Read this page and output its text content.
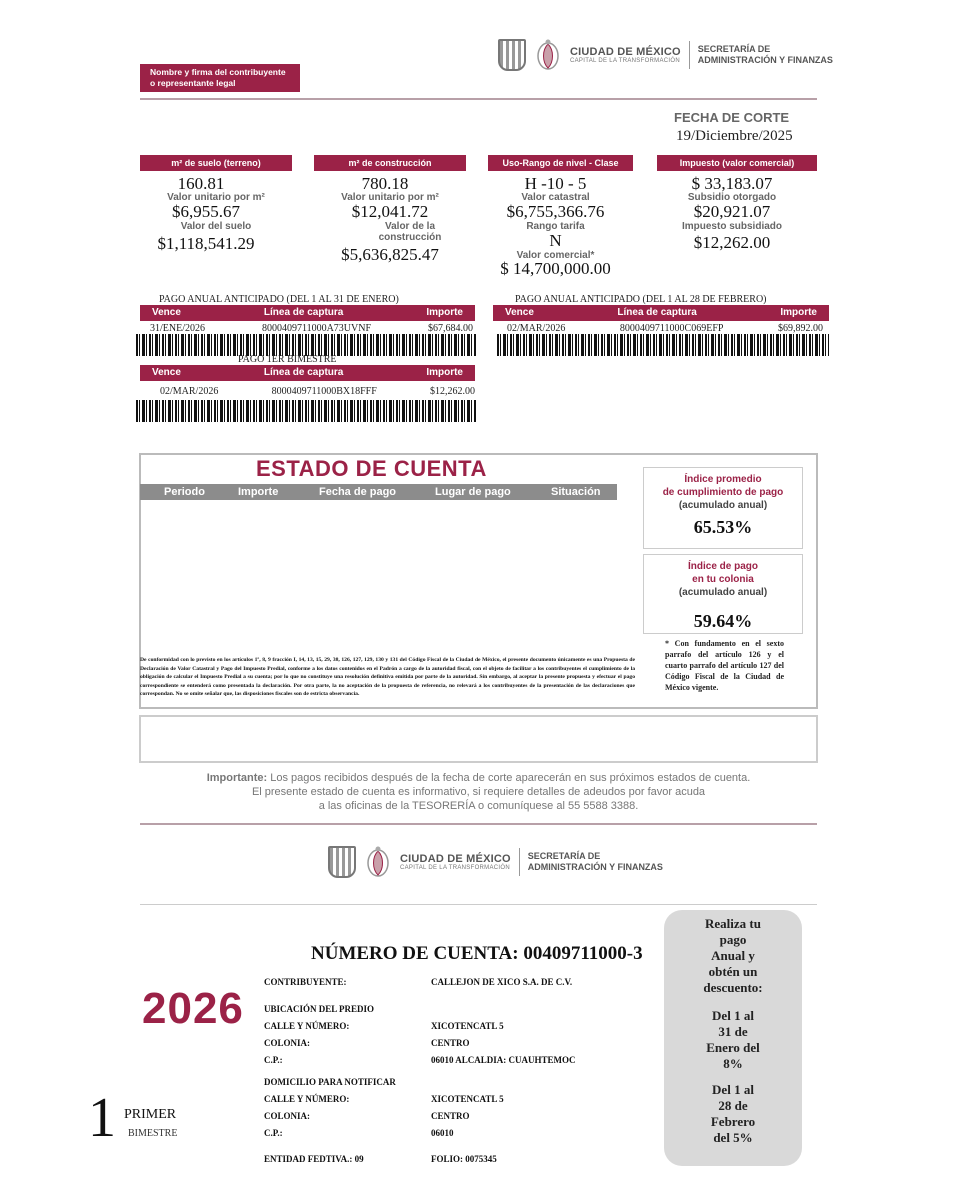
CIUDAD DE MÉXICO
CAPITAL DE LA TRANSFORMACIÓN
SECRETARÍA DE
ADMINISTRACIÓN Y FINANZAS
Nombre y firma del contribuyente o representante legal
FECHA DE CORTE
19/Diciembre/2025
m² de suelo (terreno)
160.81
Valor unitario por m²
$6,955.67
Valor del suelo
$1,118,541.29
m² de construcción
780.18
Valor unitario por m²
$12,041.72
Valor de la construcción
$5,636,825.47
Uso-Rango de nivel - Clase
H -10 - 5
Valor catastral
$6,755,366.76
Rango tarifa
N
Valor comercial*
$ 14,700,000.00
Impuesto (valor comercial)
$ 33,183.07
Subsidio otorgado
$20,921.07
Impuesto subsidiado
$12,262.00
PAGO ANUAL ANTICIPADO (DEL 1 AL 31 DE ENERO)
Vence	Línea de captura	Importe
31/ENE/2026	8000409711000A73UVNF	$67,684.00
PAGO ANUAL ANTICIPADO (DEL 1 AL 28 DE FEBRERO)
Vence	Línea de captura	Importe
02/MAR/2026	8000409711000C069EFP	$69,892.00
PAGO 1ER BIMESTRE
Vence	Línea de captura	Importe
02/MAR/2026	8000409711000BX18FFF	$12,262.00
ESTADO DE CUENTA
Periodo	Importe	Fecha de pago	Lugar de pago	Situación
Índice promedio
de cumplimiento de pago
(acumulado anual)
65.53%
Índice de pago
en tu colonia
(acumulado anual)
59.64%
* Con fundamento en el sexto parrafo del artículo 126 y el cuarto parrafo del artículo 127 del Código Fiscal de la Ciudad de México vigente.
De conformidad con lo previsto en los artículos 1º, 8, 9 fracción I, 14, 13, 15, 29, 38, 126, 127, 129, 130 y 131 del Código Fiscal de la Ciudad de México, el presente documento únicamente es una Propuesta de Declaración de Valor Catastral y Pago del Impuesto Predial, conforme a los datos contenidos en el Padrón a cargo de la autoridad fiscal, con el objeto de facilitar a los contribuyentes el cumplimiento de la obligación de calcular el Impuesto Predial a su cuenta; por lo que no constituye una resolución definitiva emitida por parte de la autoridad. Sin embargo, al aceptar la presente propuesta y efectuar el pago correspondiente se entenderá como presentada la declaración. Por otra parte, la no aceptación de la propuesta de referencia, no relevará a los contribuyentes de la presentación de las declaraciones que correspondan. No se omite señalar que, las disposiciones fiscales son de estricta observancia.
Importante: Los pagos recibidos después de la fecha de corte aparecerán en sus próximos estados de cuenta.
El presente estado de cuenta es informativo, si requiere detalles de adeudos por favor acuda
a las oficinas de la TESORERÍA o comuníquese al 55 5588 3388.
CIUDAD DE MÉXICO
CAPITAL DE LA TRANSFORMACIÓN
SECRETARÍA DE
ADMINISTRACIÓN Y FINANZAS
NÚMERO DE CUENTA: 00409711000-3
2026
1 PRIMER
BIMESTRE
CONTRIBUYENTE:	CALLEJON DE XICO S.A. DE C.V.
UBICACIÓN DEL PREDIO
CALLE Y NÚMERO:	XICOTENCATL 5
COLONIA:	CENTRO
C.P.:	06010 ALCALDIA: CUAUHTEMOC
DOMICILIO PARA NOTIFICAR
CALLE Y NÚMERO:	XICOTENCATL 5
COLONIA:	CENTRO
C.P.:	06010
ENTIDAD FEDTIVA.: 09	FOLIO: 0075345
Realiza tu
pago
Anual y
obtén un
descuento:
Del 1 al
31 de
Enero del
8%
Del 1 al
28 de
Febrero
del 5%
